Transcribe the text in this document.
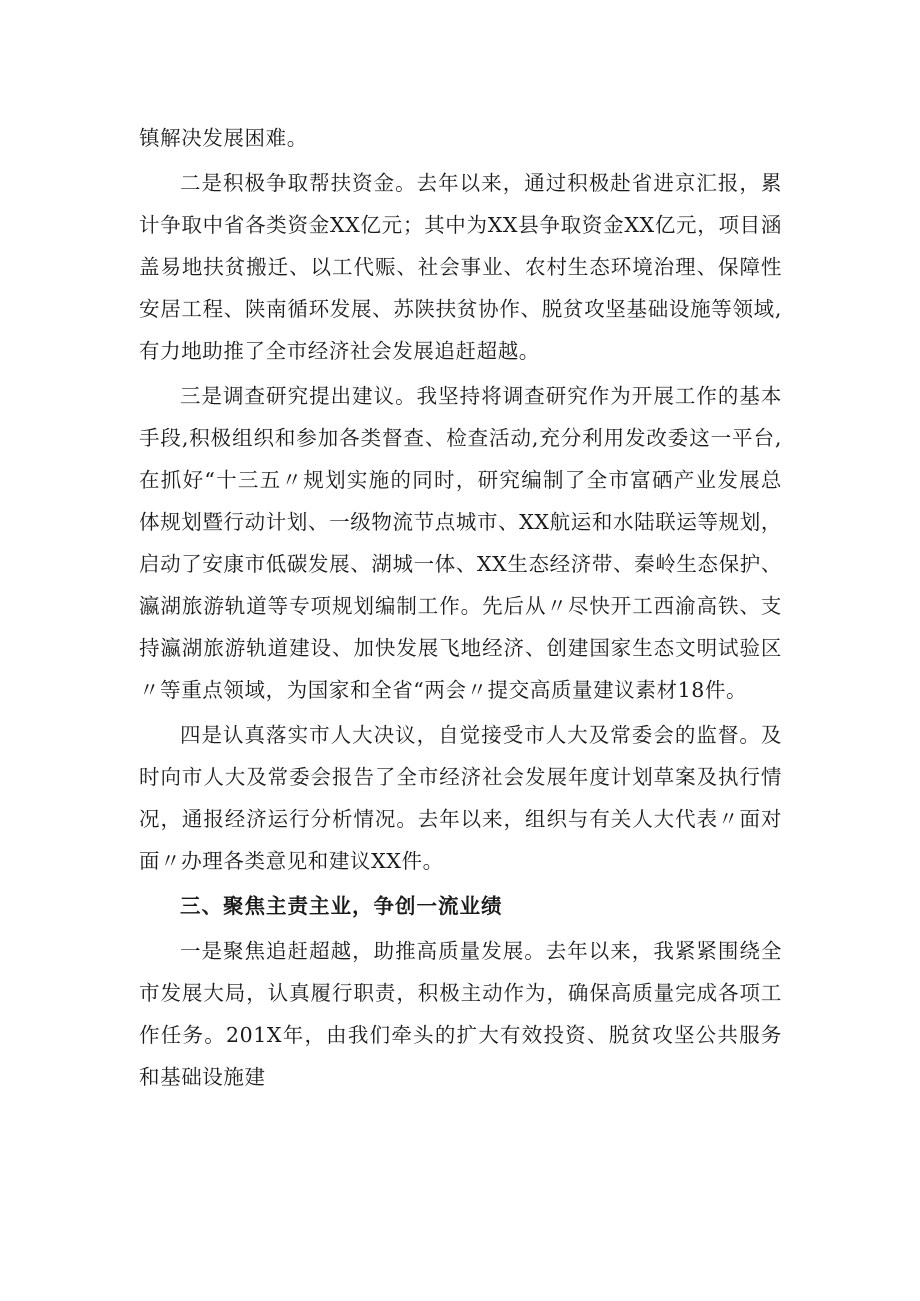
镇解决发展困难。

二是积极争取帮扶资金。去年以来，通过积极赴省进京汇报，累计争取中省各类资金XX亿元；其中为XX县争取资金XX亿元，项目涵盖易地扶贫搬迁、以工代赈、社会事业、农村生态环境治理、保障性安居工程、陕南循环发展、苏陕扶贫协作、脱贫攻坚基础设施等领域,有力地助推了全市经济社会发展追赶超越。

三是调查研究提出建议。我坚持将调查研究作为开展工作的基本手段,积极组织和参加各类督查、检查活动,充分利用发改委这一平台,在抓好“十三五〃规划实施的同时，研究编制了全市富硒产业发展总体规划暨行动计划、一级物流节点城市、XX航运和水陆联运等规划，启动了安康市低碳发展、湖城一体、XX生态经济带、秦岭生态保护、瀛湖旅游轨道等专项规划编制工作。先后从〃尽快开工西渝高铁、支持瀛湖旅游轨道建设、加快发展飞地经济、创建国家生态文明试验区〃等重点领域，为国家和全省“两会〃提交高质量建议素材18件。

四是认真落实市人大决议，自觉接受市人大及常委会的监督。及时向市人大及常委会报告了全市经济社会发展年度计划草案及执行情况，通报经济运行分析情况。去年以来，组织与有关人大代表〃面对面〃办理各类意见和建议XX件。

三、聚焦主责主业，争创一流业绩

一是聚焦追赶超越，助推高质量发展。去年以来，我紧紧围绕全市发展大局，认真履行职责，积极主动作为，确保高质量完成各项工作任务。201X年，由我们牵头的扩大有效投资、脱贫攻坚公共服务和基础设施建
